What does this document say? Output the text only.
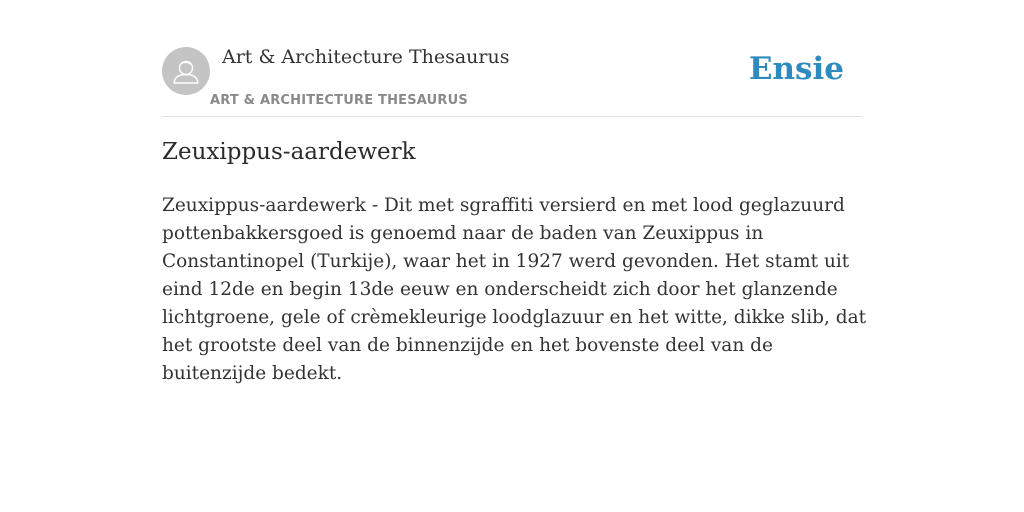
Art & Architecture Thesaurus
ART & ARCHITECTURE THESAURUS
Ensie
Zeuxippus-aardewerk

Zeuxippus-aardewerk - Dit met sgraffiti versierd en met lood geglazuurd pottenbakkersgoed is genoemd naar de baden van Zeuxippus in Constantinopel (Turkije), waar het in 1927 werd gevonden. Het stamt uit eind 12de en begin 13de eeuw en onderscheidt zich door het glanzende lichtgroene, gele of crèmekleurige loodglazuur en het witte, dikke slib, dat het grootste deel van de binnenzijde en het bovenste deel van de buitenzijde bedekt.
